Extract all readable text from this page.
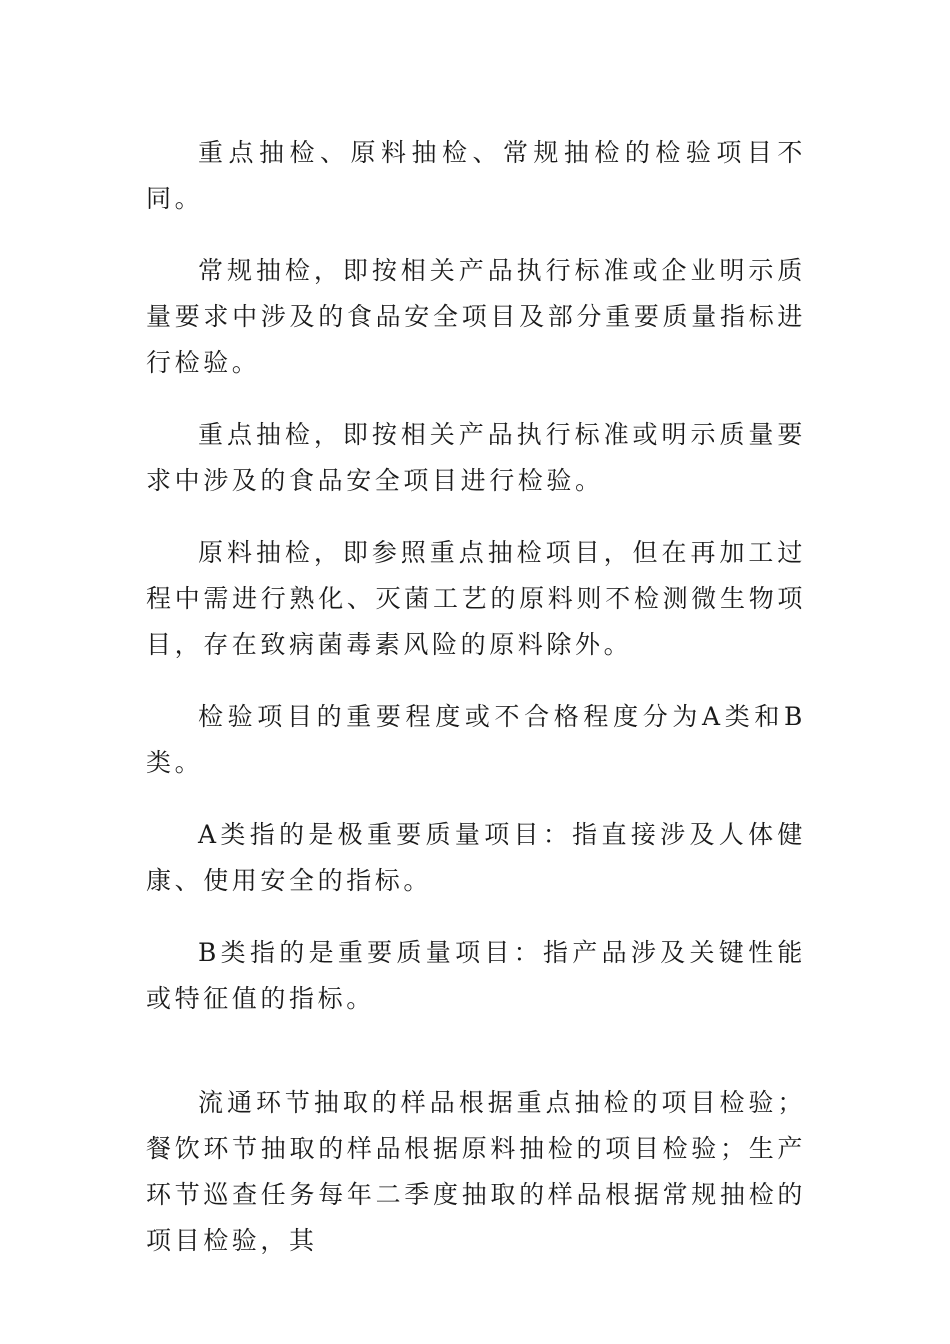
重点抽检、原料抽检、常规抽检的检验项目不同。

常规抽检，即按相关产品执行标准或企业明示质量要求中涉及的食品安全项目及部分重要质量指标进行检验。

重点抽检，即按相关产品执行标准或明示质量要求中涉及的食品安全项目进行检验。

原料抽检，即参照重点抽检项目，但在再加工过程中需进行熟化、灭菌工艺的原料则不检测微生物项目，存在致病菌毒素风险的原料除外。

检验项目的重要程度或不合格程度分为A类和B类。

A类指的是极重要质量项目：指直接涉及人体健康、使用安全的指标。

B类指的是重要质量项目：指产品涉及关键性能或特征值的指标。

流通环节抽取的样品根据重点抽检的项目检验；餐饮环节抽取的样品根据原料抽检的项目检验；生产环节巡查任务每年二季度抽取的样品根据常规抽检的项目检验，其
